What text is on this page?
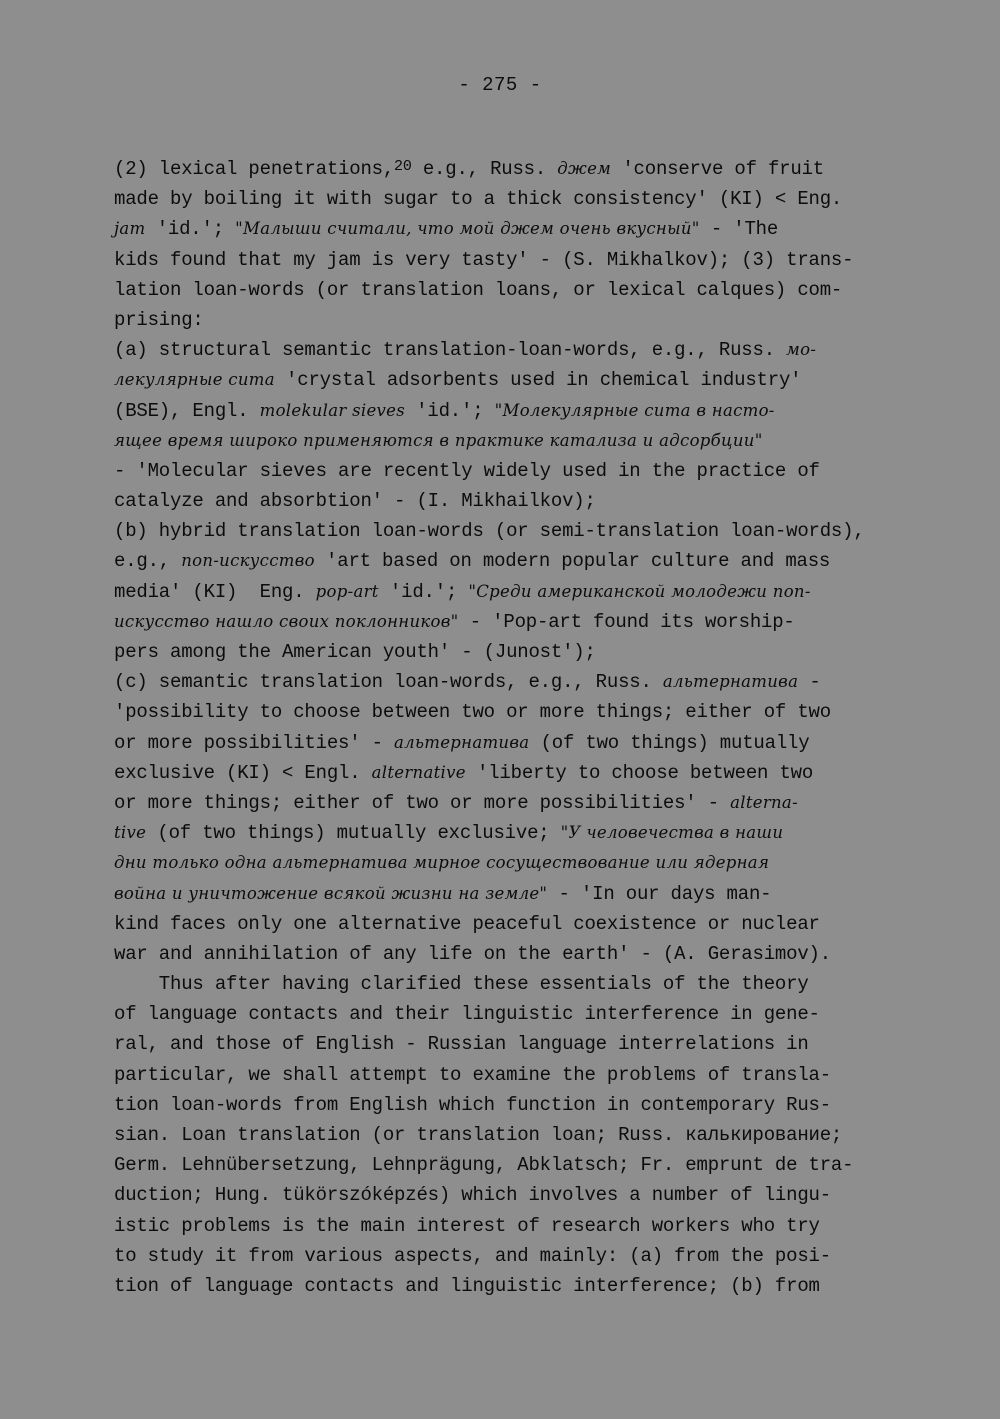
- 275 -
(2) lexical penetrations,$^{20}$ e.g., Russ. джем 'conserve of fruit
made by boiling it with sugar to a thick consistency' (KI) < Eng.
jam 'id.'; "Малыши считали, что мой джем очень вкусный" - 'The
kids found that my jam is very tasty' - (S. Mikhalkov); (3) trans-
lation loan-words (or translation loans, or lexical calques) com-
prising:
(a) structural semantic translation-loan-words, e.g., Russ. мо-
лекулярные сита 'crystal adsorbents used in chemical industry'
(BSE), Engl. molekular sieves 'id.'; "Молекулярные сита в насто-
ящее время широко применяются в практике катализа и адсорбции"
- 'Molecular sieves are recently widely used in the practice of
catalyze and absorbtion' - (I. Mikhailkov);
(b) hybrid translation loan-words (or semi-translation loan-words),
e.g., поп-искусство 'art based on modern popular culture and mass
media' (KI)  Eng. pop-art 'id.'; "Среди американской молодежи поп-
искусство нашло своих поклонников" - 'Pop-art found its worship-
pers among the American youth' - (Junost');
(c) semantic translation loan-words, e.g., Russ. альтернатива -
'possibility to choose between two or more things; either of two
or more possibilities' - альтернатива (of two things) mutually
exclusive (KI) < Engl. alternative 'liberty to choose between two
or more things; either of two or more possibilities' - alterna-
tive (of two things) mutually exclusive; "У человечества в наши
дни только одна альтернатива мирное сосуществование или ядерная
война и уничтожение всякой жизни на земле" - 'In our days man-
kind faces only one alternative peaceful coexistence or nuclear
war and annihilation of any life on the earth' - (A. Gerasimov).
Thus after having clarified these essentials of the theory
of language contacts and their linguistic interference in gene-
ral, and those of English - Russian language interrelations in
particular, we shall attempt to examine the problems of transla-
tion loan-words from English which function in contemporary Rus-
sian. Loan translation (or translation loan; Russ. калькирование;
Germ. Lehnübersetzung, Lehnprägung, Abklatsch; Fr. emprunt de tra-
duction; Hung. tükörszóképzés) which involves a number of lingu-
istic problems is the main interest of research workers who try
to study it from various aspects, and mainly: (a) from the posi-
tion of language contacts and linguistic interference; (b) from
